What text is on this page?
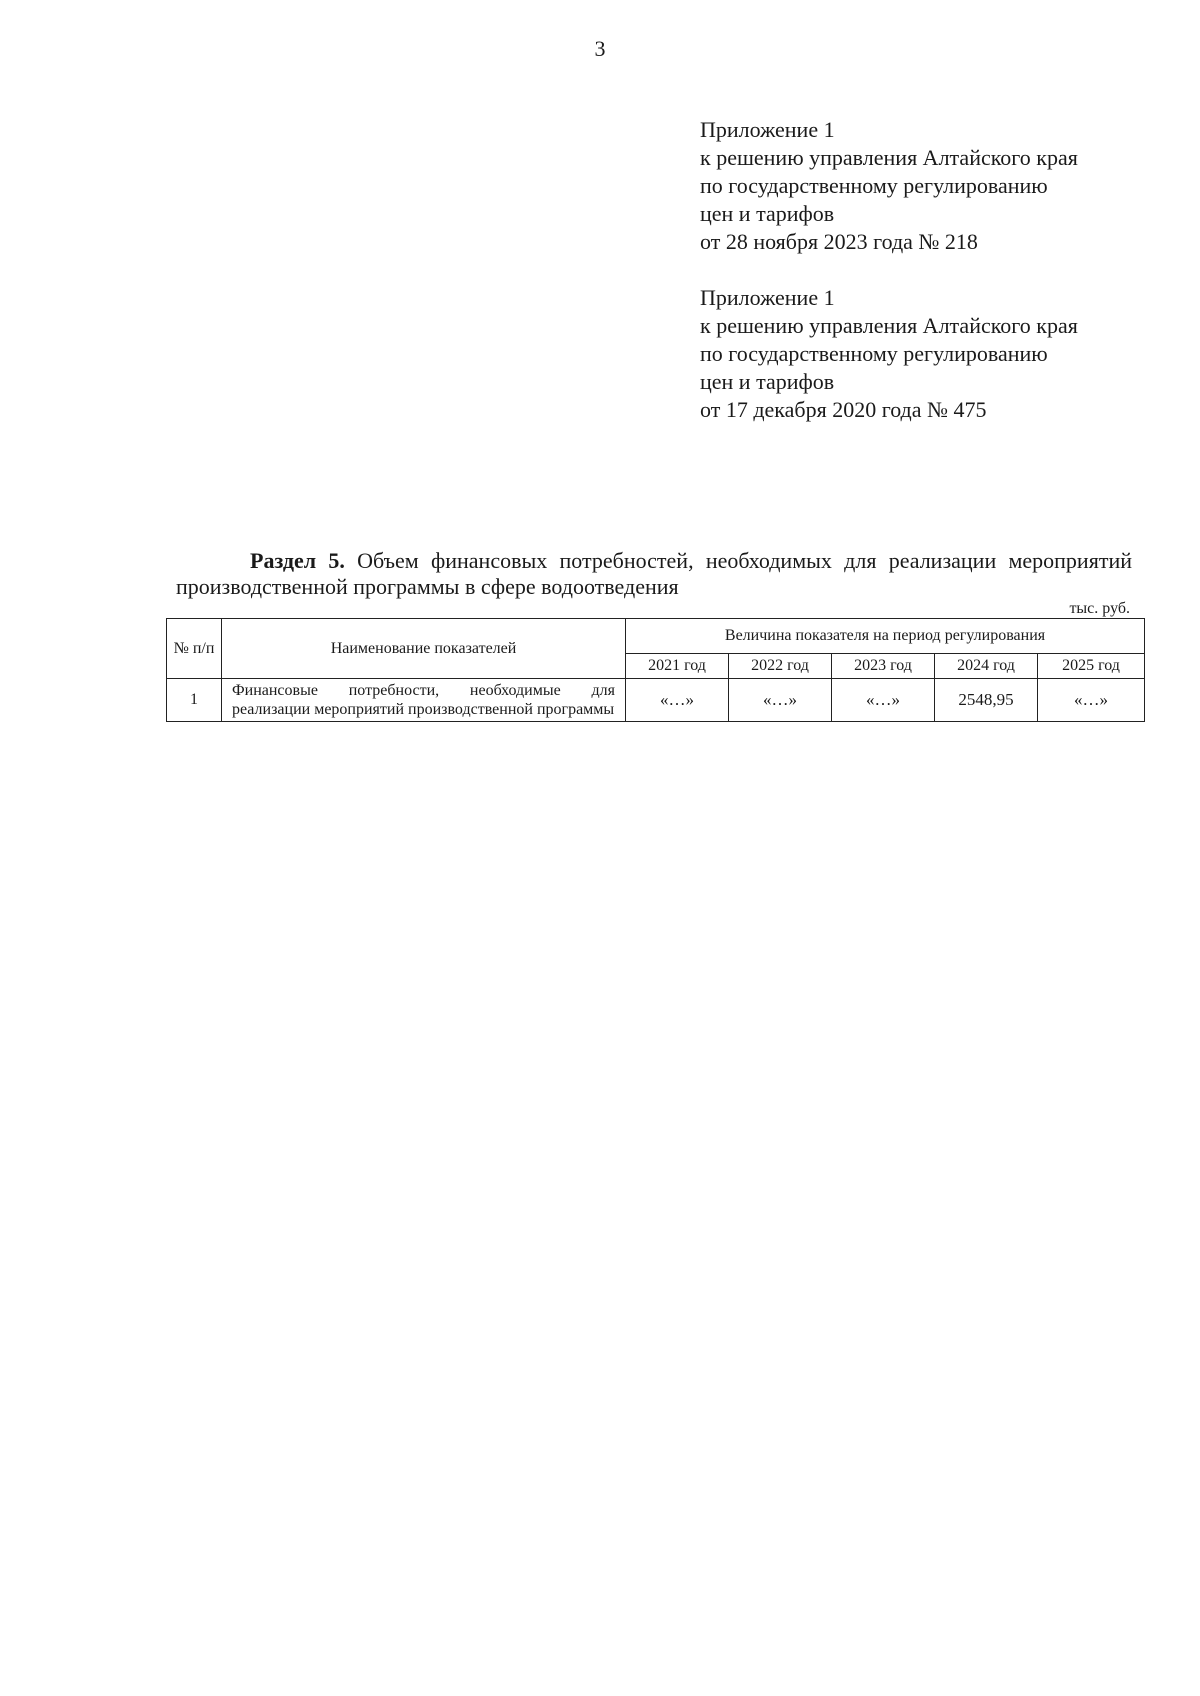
3
Приложение 1
к решению управления Алтайского края
по государственному регулированию
цен и тарифов
от 28 ноября 2023 года № 218
Приложение 1
к решению управления Алтайского края
по государственному регулированию
цен и тарифов
от 17 декабря 2020 года № 475
Раздел 5. Объем финансовых потребностей, необходимых для реализации мероприятий производственной программы в сфере водоотведения
тыс. руб.
№ п/п	Наименование показателей	Величина показателя на период регулирования				
		2021 год	2022 год	2023 год	2024 год	2025 год
1	Финансовые потребности, необходимые для реализации мероприятий производственной программы	«…»	«…»	«…»	2548,95	«…»
